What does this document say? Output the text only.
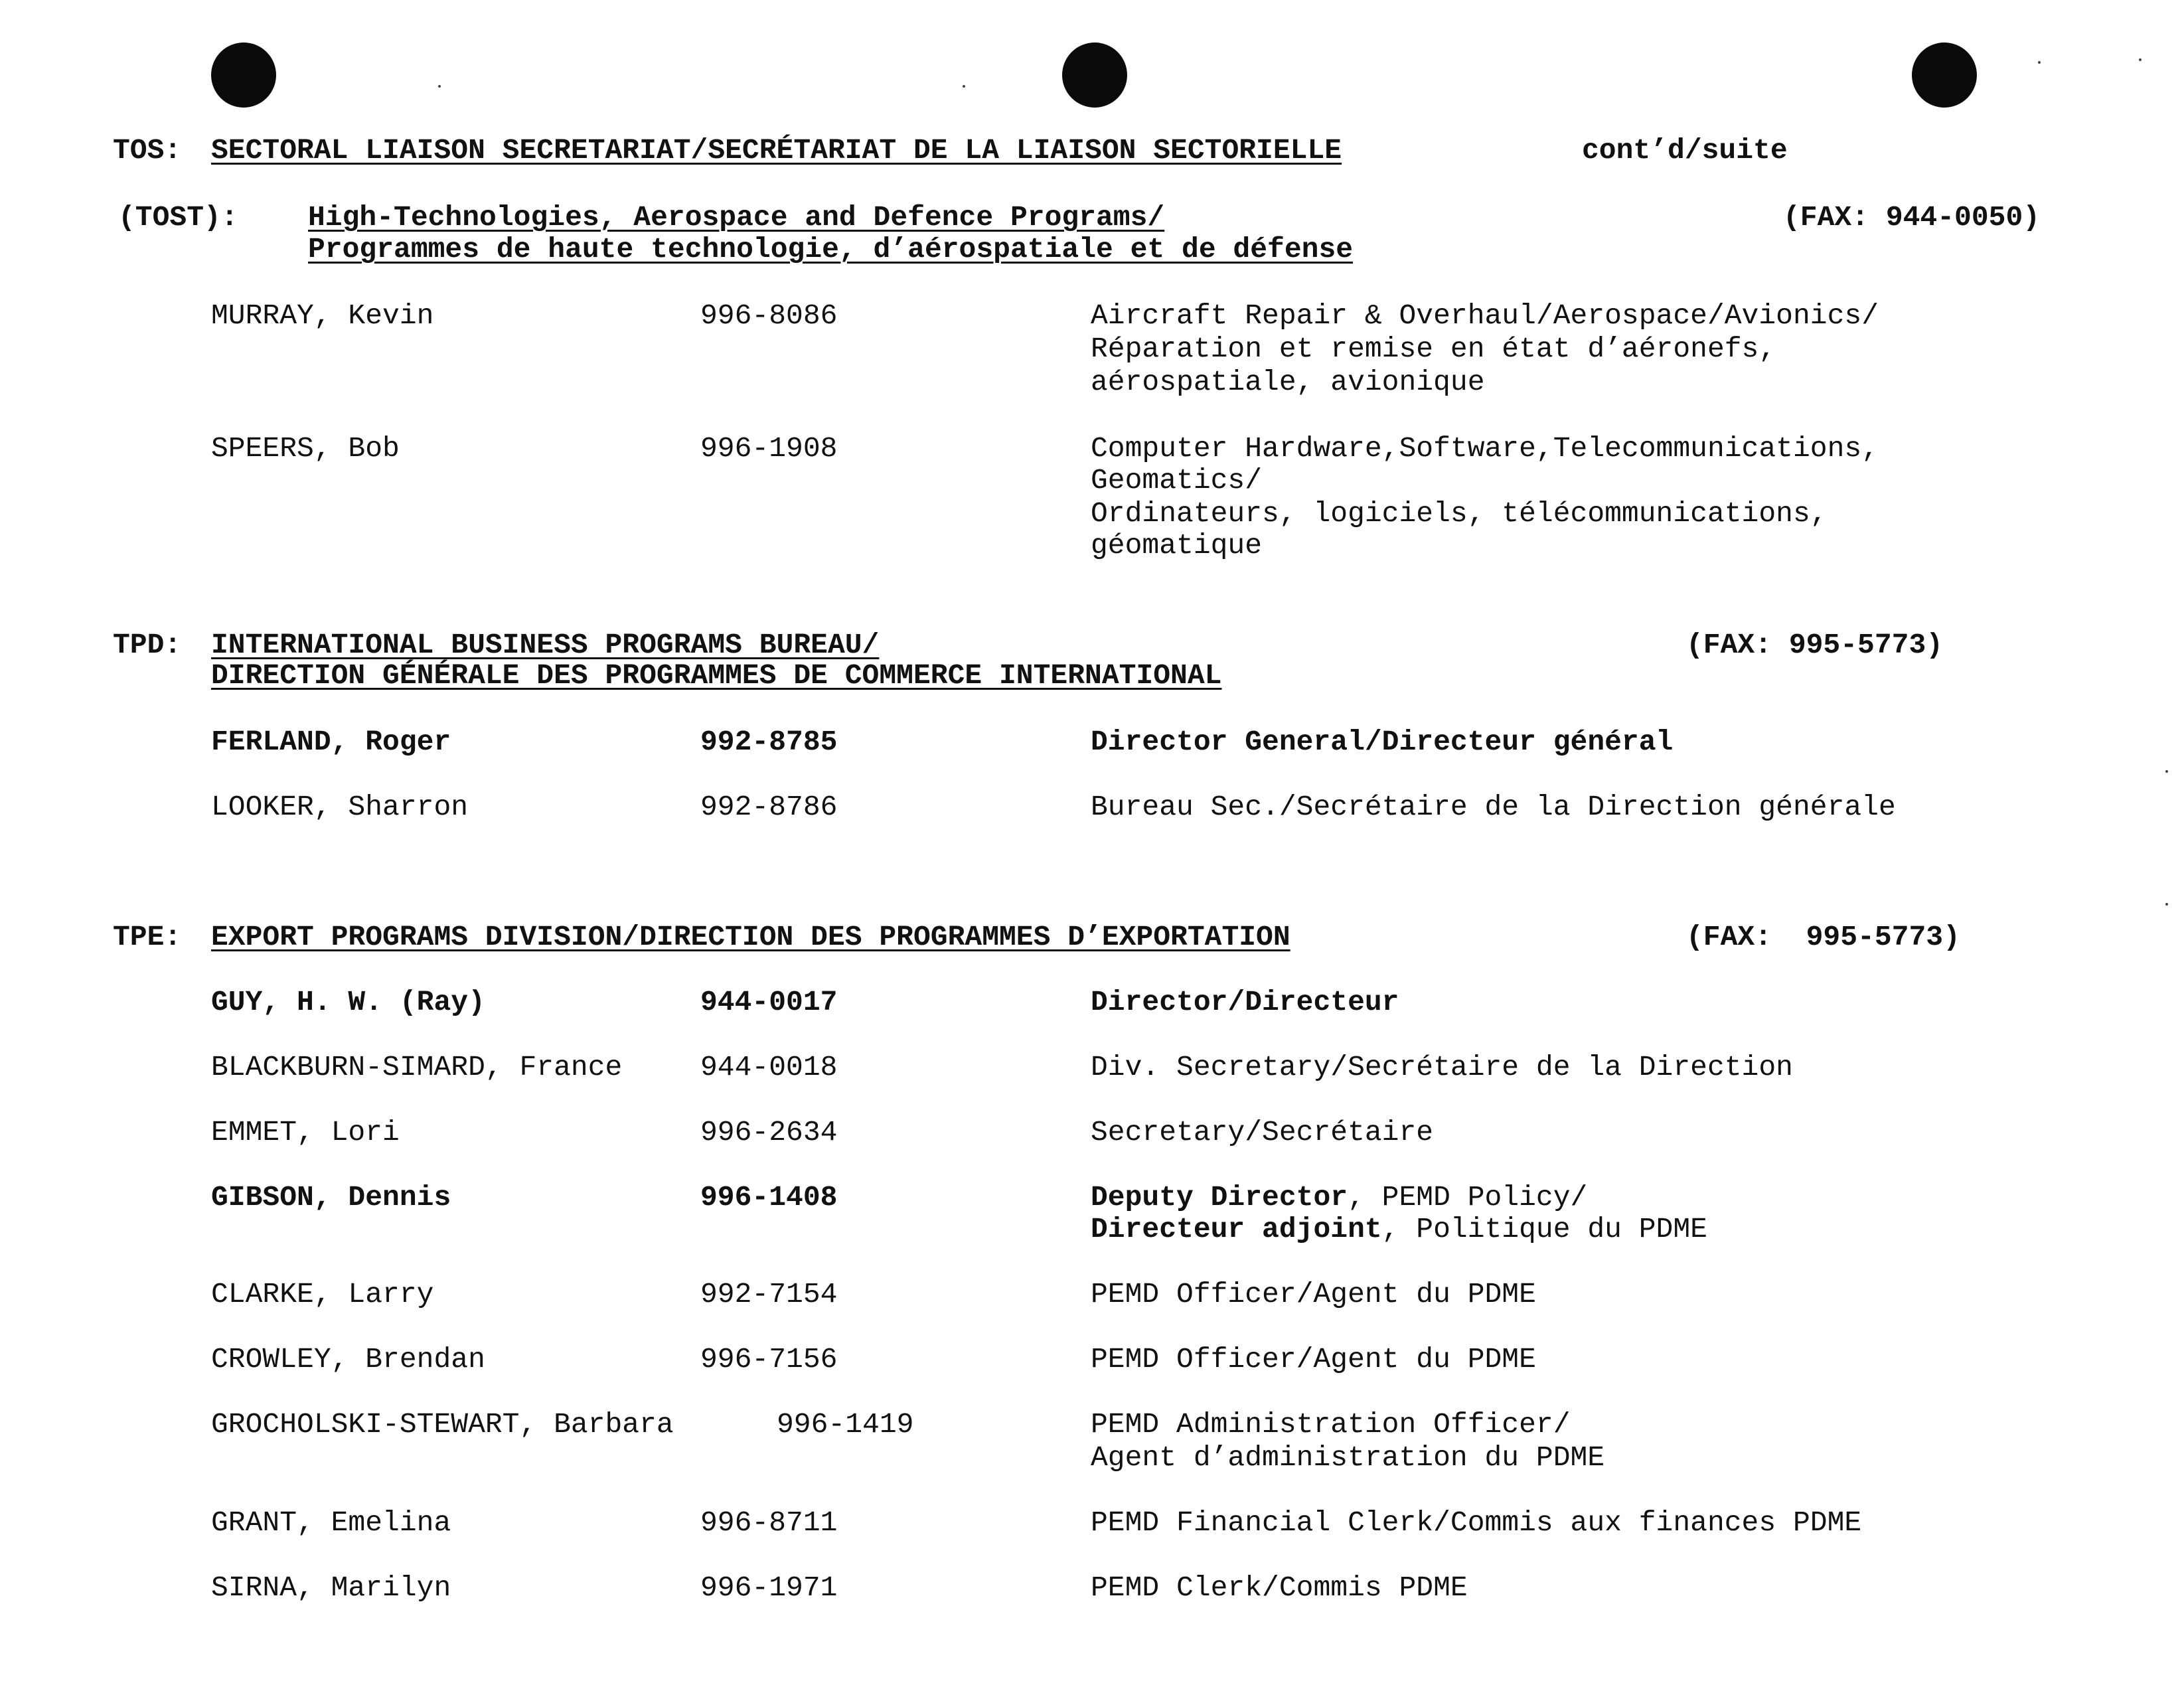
TOS: SECTORAL LIAISON SECRETARIAT/SECRÉTARIAT DE LA LIAISON SECTORIELLE	cont’d/suite
(TOST): High-Technologies, Aerospace and Defence Programs/
Programmes de haute technologie, d’aérospatiale et de défense
(FAX: 944-0050)
MURRAY, Kevin	996-8086	Aircraft Repair & Overhaul/Aerospace/Avionics/
Réparation et remise en état d’aéronefs,
aérospatiale, avionique
SPEERS, Bob	996-1908	Computer Hardware,Software,Telecommunications,
Geomatics/
Ordinateurs, logiciels, télécommunications,
géomatique
TPD: INTERNATIONAL BUSINESS PROGRAMS BUREAU/
DIRECTION GÉNÉRALE DES PROGRAMMES DE COMMERCE INTERNATIONAL
(FAX: 995-5773)
FERLAND, Roger	992-8785	Director General/Directeur général
LOOKER, Sharron	992-8786	Bureau Sec./Secrétaire de la Direction générale
TPE: EXPORT PROGRAMS DIVISION/DIRECTION DES PROGRAMMES D’EXPORTATION	(FAX:  995-5773)
GUY, H. W. (Ray)	944-0017	Director/Directeur
BLACKBURN-SIMARD, France	944-0018	Div. Secretary/Secrétaire de la Direction
EMMET, Lori	996-2634	Secretary/Secrétaire
GIBSON, Dennis	996-1408	Deputy Director, PEMD Policy/
Directeur adjoint, Politique du PDME
CLARKE, Larry	992-7154	PEMD Officer/Agent du PDME
CROWLEY, Brendan	996-7156	PEMD Officer/Agent du PDME
GROCHOLSKI-STEWART, Barbara	996-1419	PEMD Administration Officer/
Agent d’administration du PDME
GRANT, Emelina	996-8711	PEMD Financial Clerk/Commis aux finances PDME
SIRNA, Marilyn	996-1971	PEMD Clerk/Commis PDME
